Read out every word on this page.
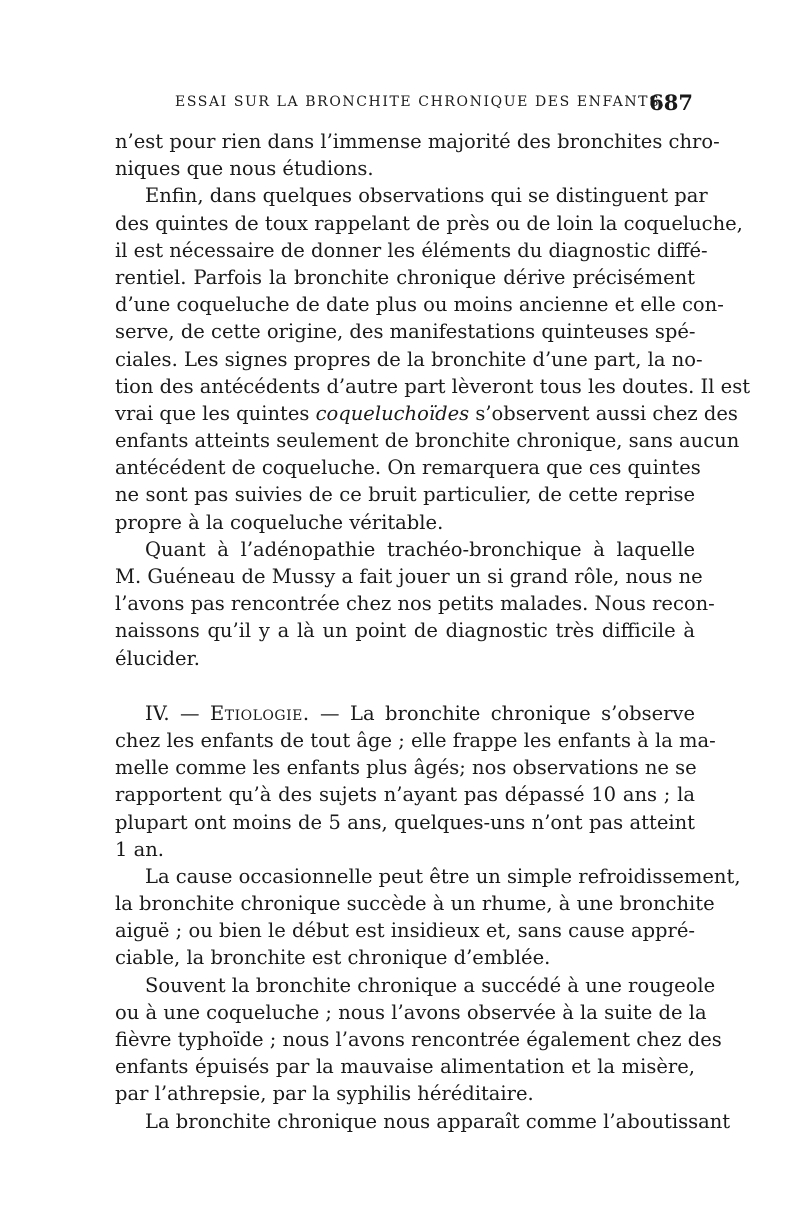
ESSAI SUR LA BRONCHITE CHRONIQUE DES ENFANTS.
687
n’est pour rien dans l’immense majorité des bronchites chro-
niques que nous étudions.
Enfin, dans quelques observations qui se distinguent par
des quintes de toux rappelant de près ou de loin la coqueluche,
il est nécessaire de donner les éléments du diagnostic diffé-
rentiel. Parfois la bronchite chronique dérive précisément
d’une coqueluche de date plus ou moins ancienne et elle con-
serve, de cette origine, des manifestations quinteuses spé-
ciales. Les signes propres de la bronchite d’une part, la no-
tion des antécédents d’autre part lèveront tous les doutes. Il est
vrai que les quintes coqueluchoïdes s’observent aussi chez des
enfants atteints seulement de bronchite chronique, sans aucun
antécédent de coqueluche. On remarquera que ces quintes
ne sont pas suivies de ce bruit particulier, de cette reprise
propre à la coqueluche véritable.
Quant à l’adénopathie trachéo-bronchique à laquelle
M. Guéneau de Mussy a fait jouer un si grand rôle, nous ne
l’avons pas rencontrée chez nos petits malades. Nous recon-
naissons qu’il y a là un point de diagnostic très difficile à
élucider.
IV. — Etiologie. — La bronchite chronique s’observe
chez les enfants de tout âge ; elle frappe les enfants à la ma-
melle comme les enfants plus âgés; nos observations ne se
rapportent qu’à des sujets n’ayant pas dépassé 10 ans ; la
plupart ont moins de 5 ans, quelques-uns n’ont pas atteint
1 an.
La cause occasionnelle peut être un simple refroidissement,
la bronchite chronique succède à un rhume, à une bronchite
aiguë ; ou bien le début est insidieux et, sans cause appré-
ciable, la bronchite est chronique d’emblée.
Souvent la bronchite chronique a succédé à une rougeole
ou à une coqueluche ; nous l’avons observée à la suite de la
fièvre typhoïde ; nous l’avons rencontrée également chez des
enfants épuisés par la mauvaise alimentation et la misère,
par l’athrepsie, par la syphilis héréditaire.
La bronchite chronique nous apparaît comme l’aboutissant
